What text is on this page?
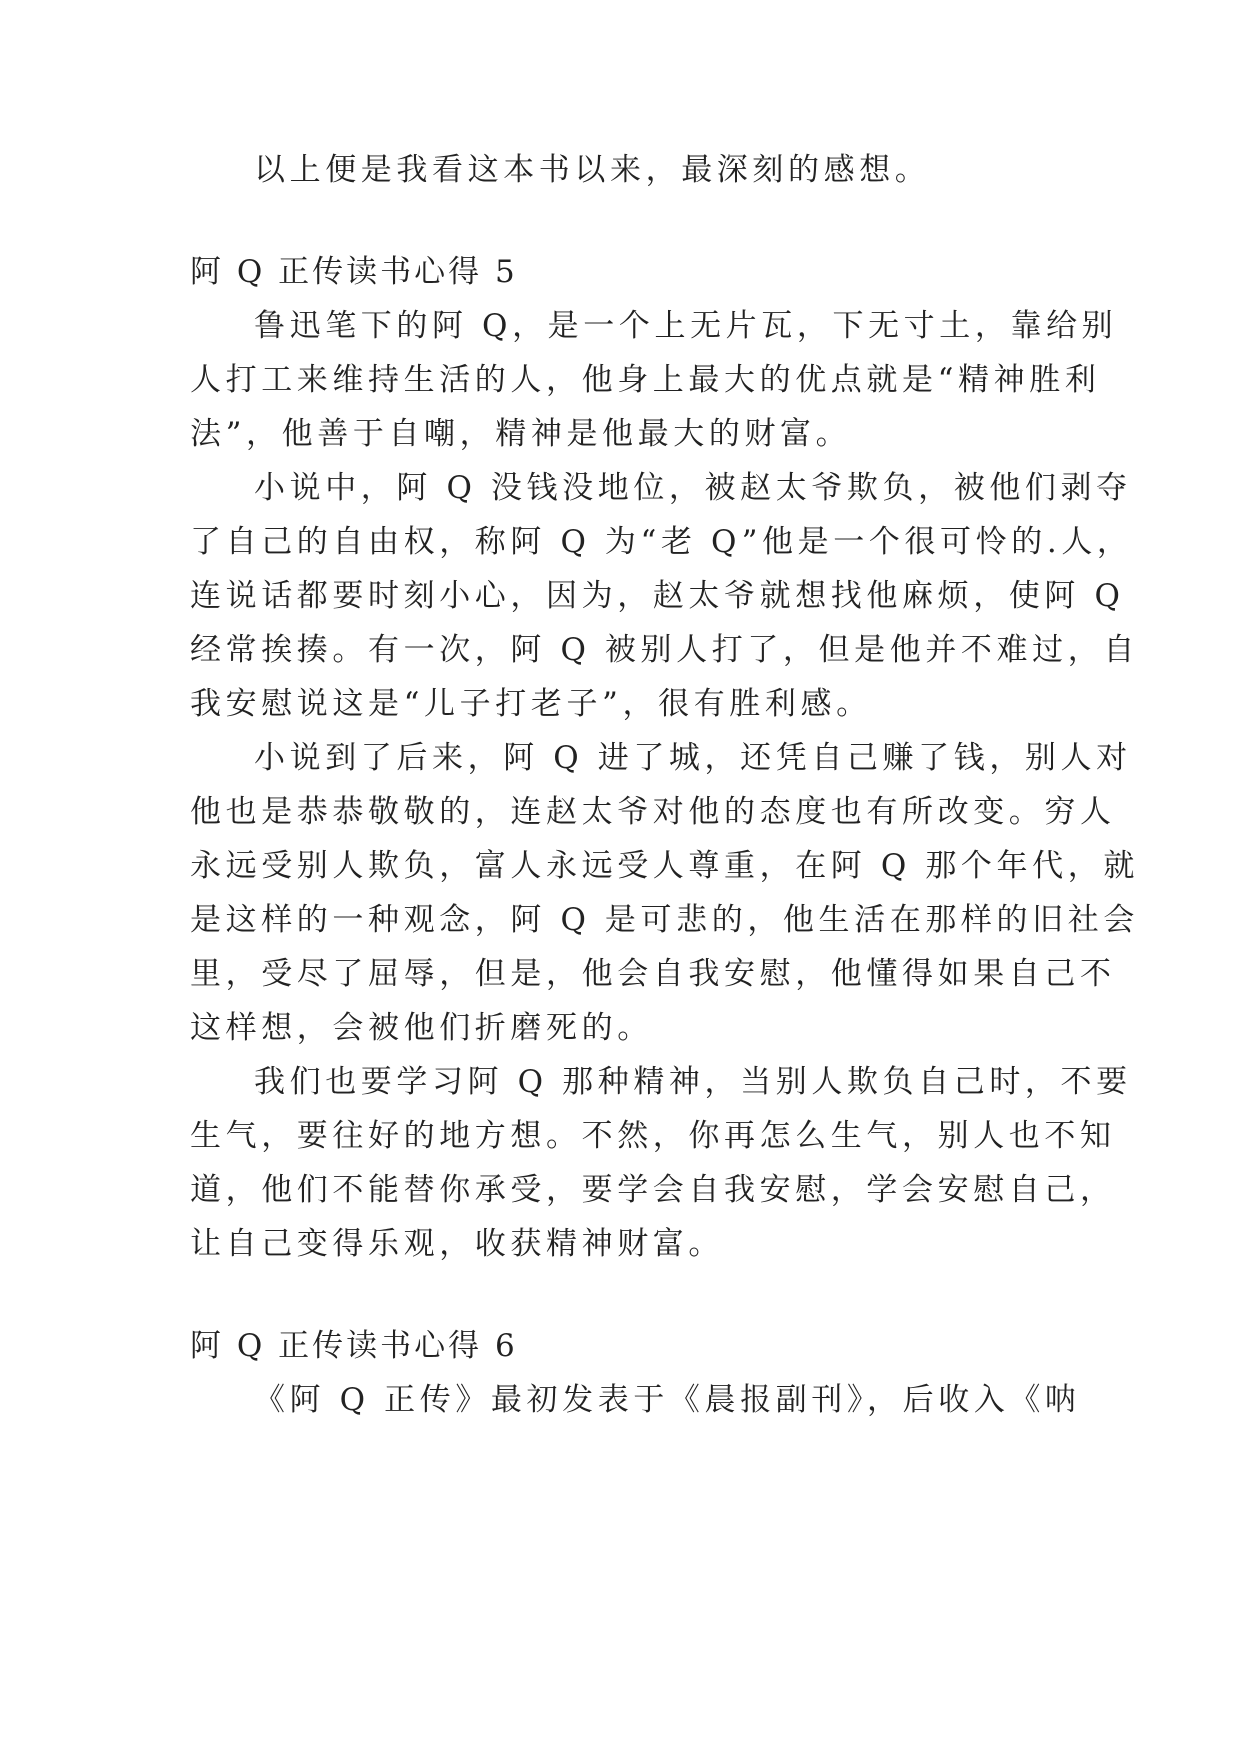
以上便是我看这本书以来，最深刻的感想。
阿 Q 正传读书心得 5
鲁迅笔下的阿 Q，是一个上无片瓦，下无寸土，靠给别
人打工来维持生活的人，他身上最大的优点就是“精神胜利
法”，他善于自嘲，精神是他最大的财富。
小说中，阿 Q 没钱没地位，被赵太爷欺负，被他们剥夺
了自己的自由权，称阿 Q 为“老 Q”他是一个很可怜的.人，
连说话都要时刻小心，因为，赵太爷就想找他麻烦，使阿 Q
经常挨揍。有一次，阿 Q 被别人打了，但是他并不难过，自
我安慰说这是“儿子打老子”，很有胜利感。
小说到了后来，阿 Q 进了城，还凭自己赚了钱，别人对
他也是恭恭敬敬的，连赵太爷对他的态度也有所改变。穷人
永远受别人欺负，富人永远受人尊重，在阿 Q 那个年代，就
是这样的一种观念，阿 Q 是可悲的，他生活在那样的旧社会
里，受尽了屈辱，但是，他会自我安慰，他懂得如果自己不
这样想，会被他们折磨死的。
我们也要学习阿 Q 那种精神，当别人欺负自己时，不要
生气，要往好的地方想。不然，你再怎么生气，别人也不知
道，他们不能替你承受，要学会自我安慰，学会安慰自己，
让自己变得乐观，收获精神财富。
阿 Q 正传读书心得 6
《阿 Q 正传》最初发表于《晨报副刊》，后收入《呐
